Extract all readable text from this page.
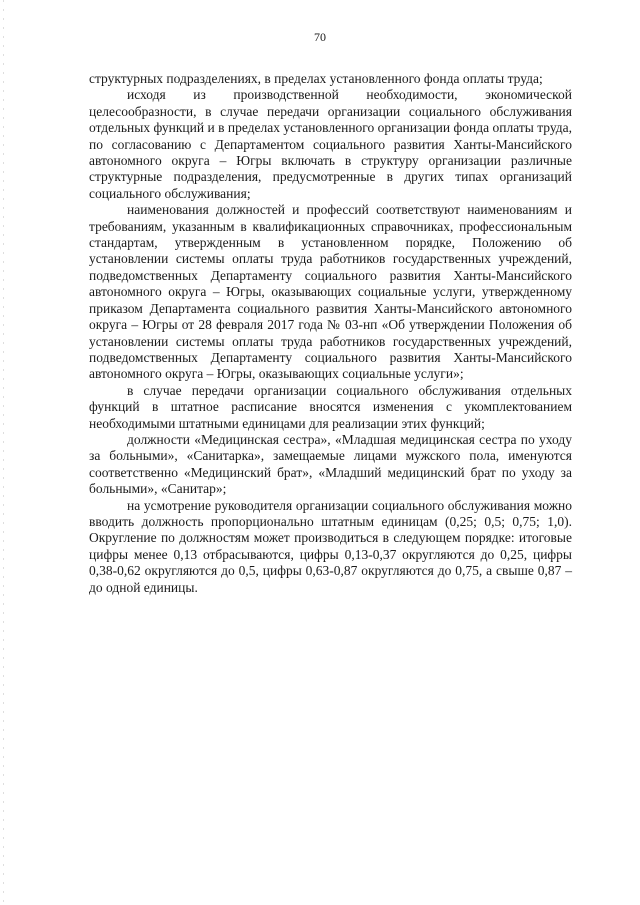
70

структурных подразделениях, в пределах установленного фонда оплаты труда;

исходя из производственной необходимости, экономической целесообразности, в случае передачи организации социального обслуживания отдельных функций и в пределах установленного организации фонда оплаты труда, по согласованию с Департаментом социального развития Ханты-Мансийского автономного округа – Югры включать в структуру организации различные структурные подразделения, предусмотренные в других типах организаций социального обслуживания;

наименования должностей и профессий соответствуют наименованиям и требованиям, указанным в квалификационных справочниках, профессиональным стандартам, утвержденным в установленном порядке, Положению об установлении системы оплаты труда работников государственных учреждений, подведомственных Департаменту социального развития Ханты-Мансийского автономного округа – Югры, оказывающих социальные услуги, утвержденному приказом Департамента социального развития Ханты-Мансийского автономного округа – Югры от 28 февраля 2017 года № 03-нп «Об утверждении Положения об установлении системы оплаты труда работников государственных учреждений, подведомственных Департаменту социального развития Ханты-Мансийского автономного округа – Югры, оказывающих социальные услуги»;

в случае передачи организации социального обслуживания отдельных функций в штатное расписание вносятся изменения с укомплектованием необходимыми штатными единицами для реализации этих функций;

должности «Медицинская сестра», «Младшая медицинская сестра по уходу за больными», «Санитарка», замещаемые лицами мужского пола, именуются соответственно «Медицинский брат», «Младший медицинский брат по уходу за больными», «Санитар»;

на усмотрение руководителя организации социального обслуживания можно вводить должность пропорционально штатным единицам (0,25; 0,5; 0,75; 1,0). Округление по должностям может производиться в следующем порядке: итоговые цифры менее 0,13 отбрасываются, цифры 0,13-0,37 округляются до 0,25, цифры 0,38-0,62 округляются до 0,5, цифры 0,63-0,87 округляются до 0,75, а свыше 0,87 – до одной единицы.
